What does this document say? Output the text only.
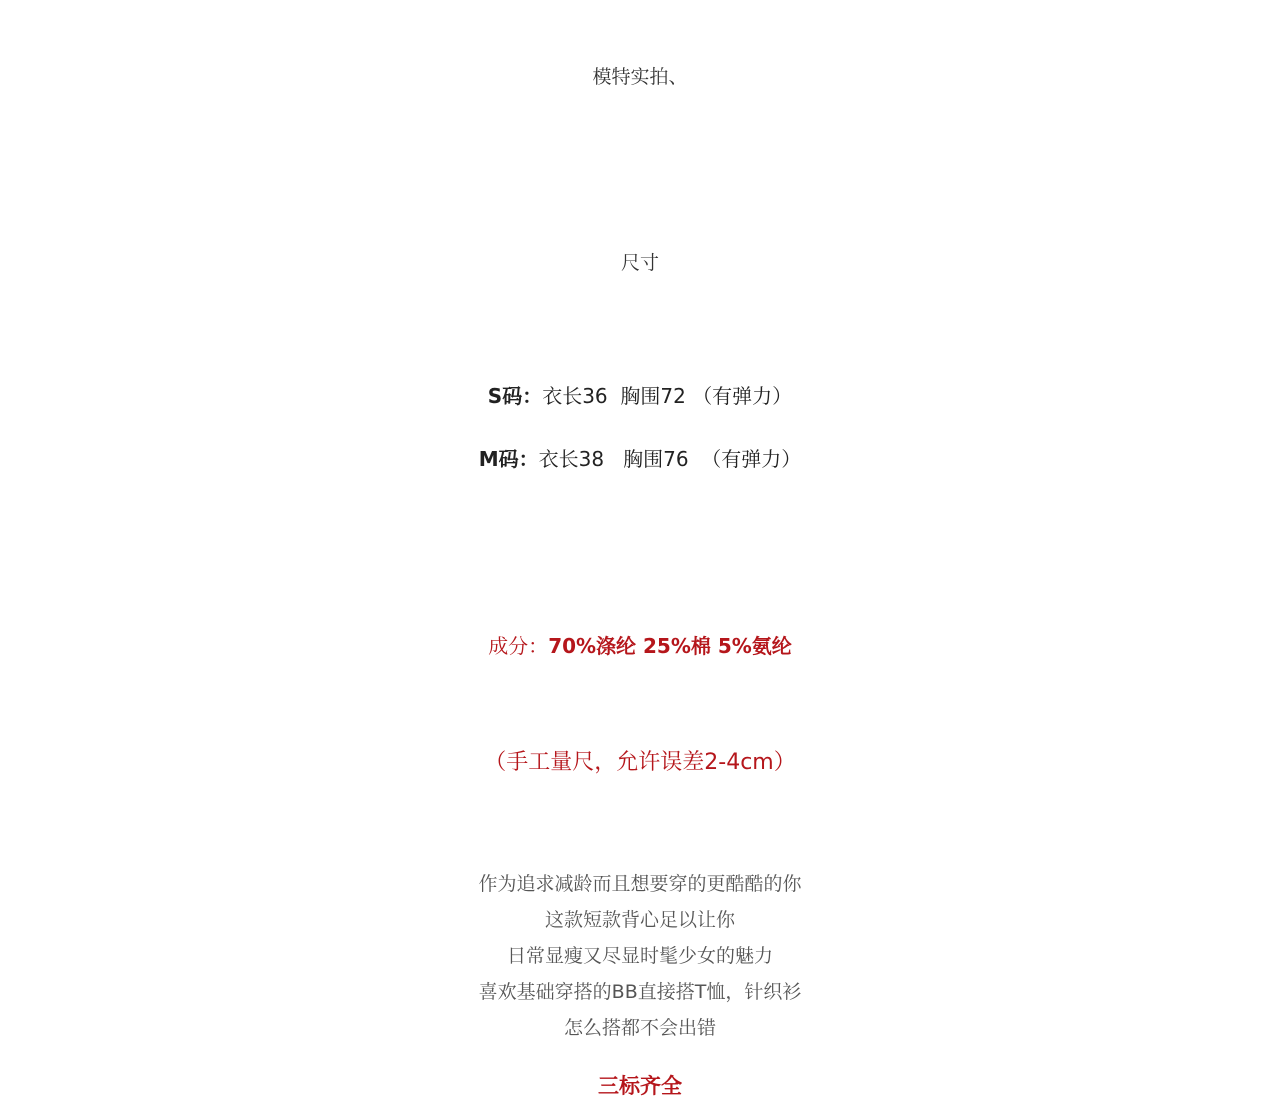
模特实拍、
尺寸
S码：衣长36 胸围72 （有弹力）
M码：衣长38 胸围76 （有弹力）
成分：70%涤纶 25%棉 5%氨纶
（手工量尺，允许误差2-4cm）
作为追求减龄而且想要穿的更酷酷的你
这款短款背心足以让你
日常显瘦又尽显时髦少女的魅力
喜欢基础穿搭的BB直接搭T恤，针织衫
怎么搭都不会出错
三标齐全
